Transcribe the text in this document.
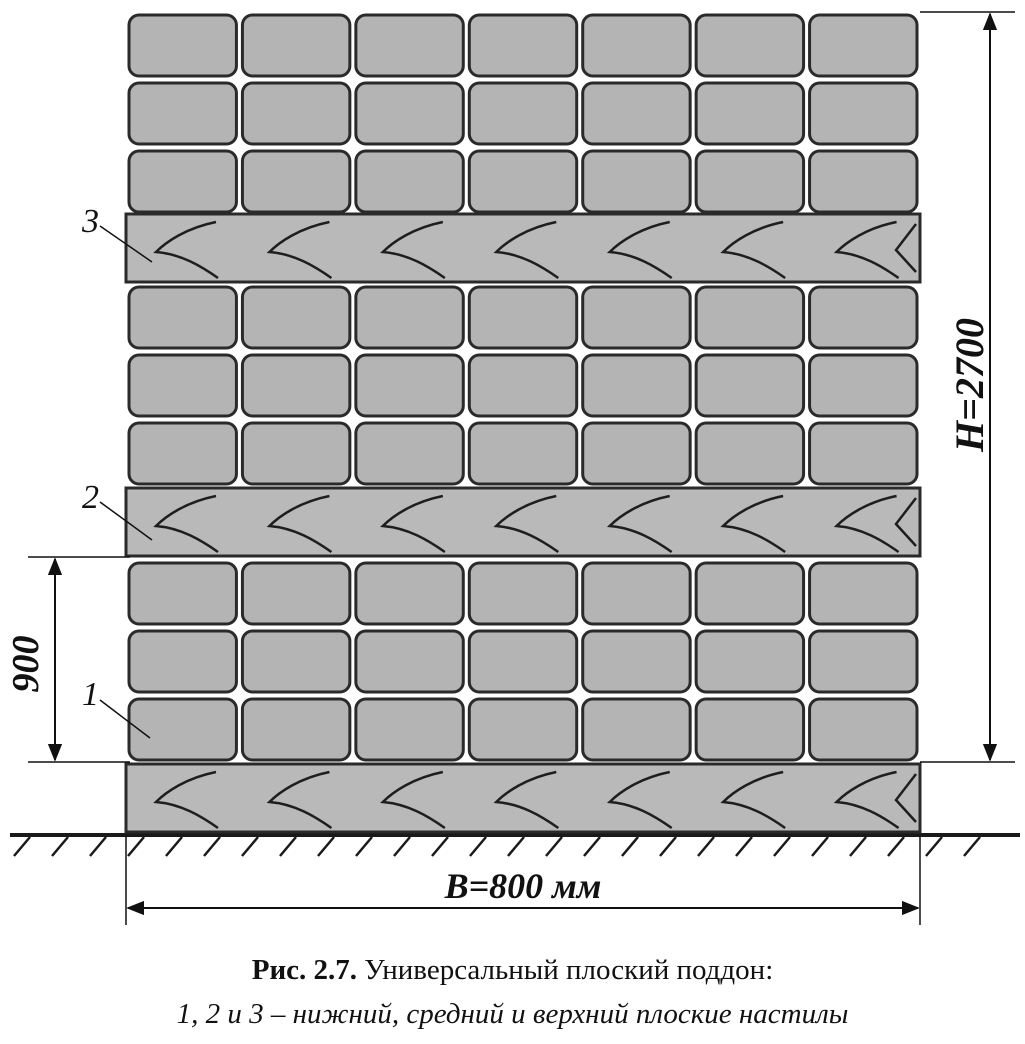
H=2700
900
B=800 мм
1
2
3
Рис. 2.7. Универсальный плоский поддон:
1, 2 и 3 – нижний, средний и верхний плоские настилы
